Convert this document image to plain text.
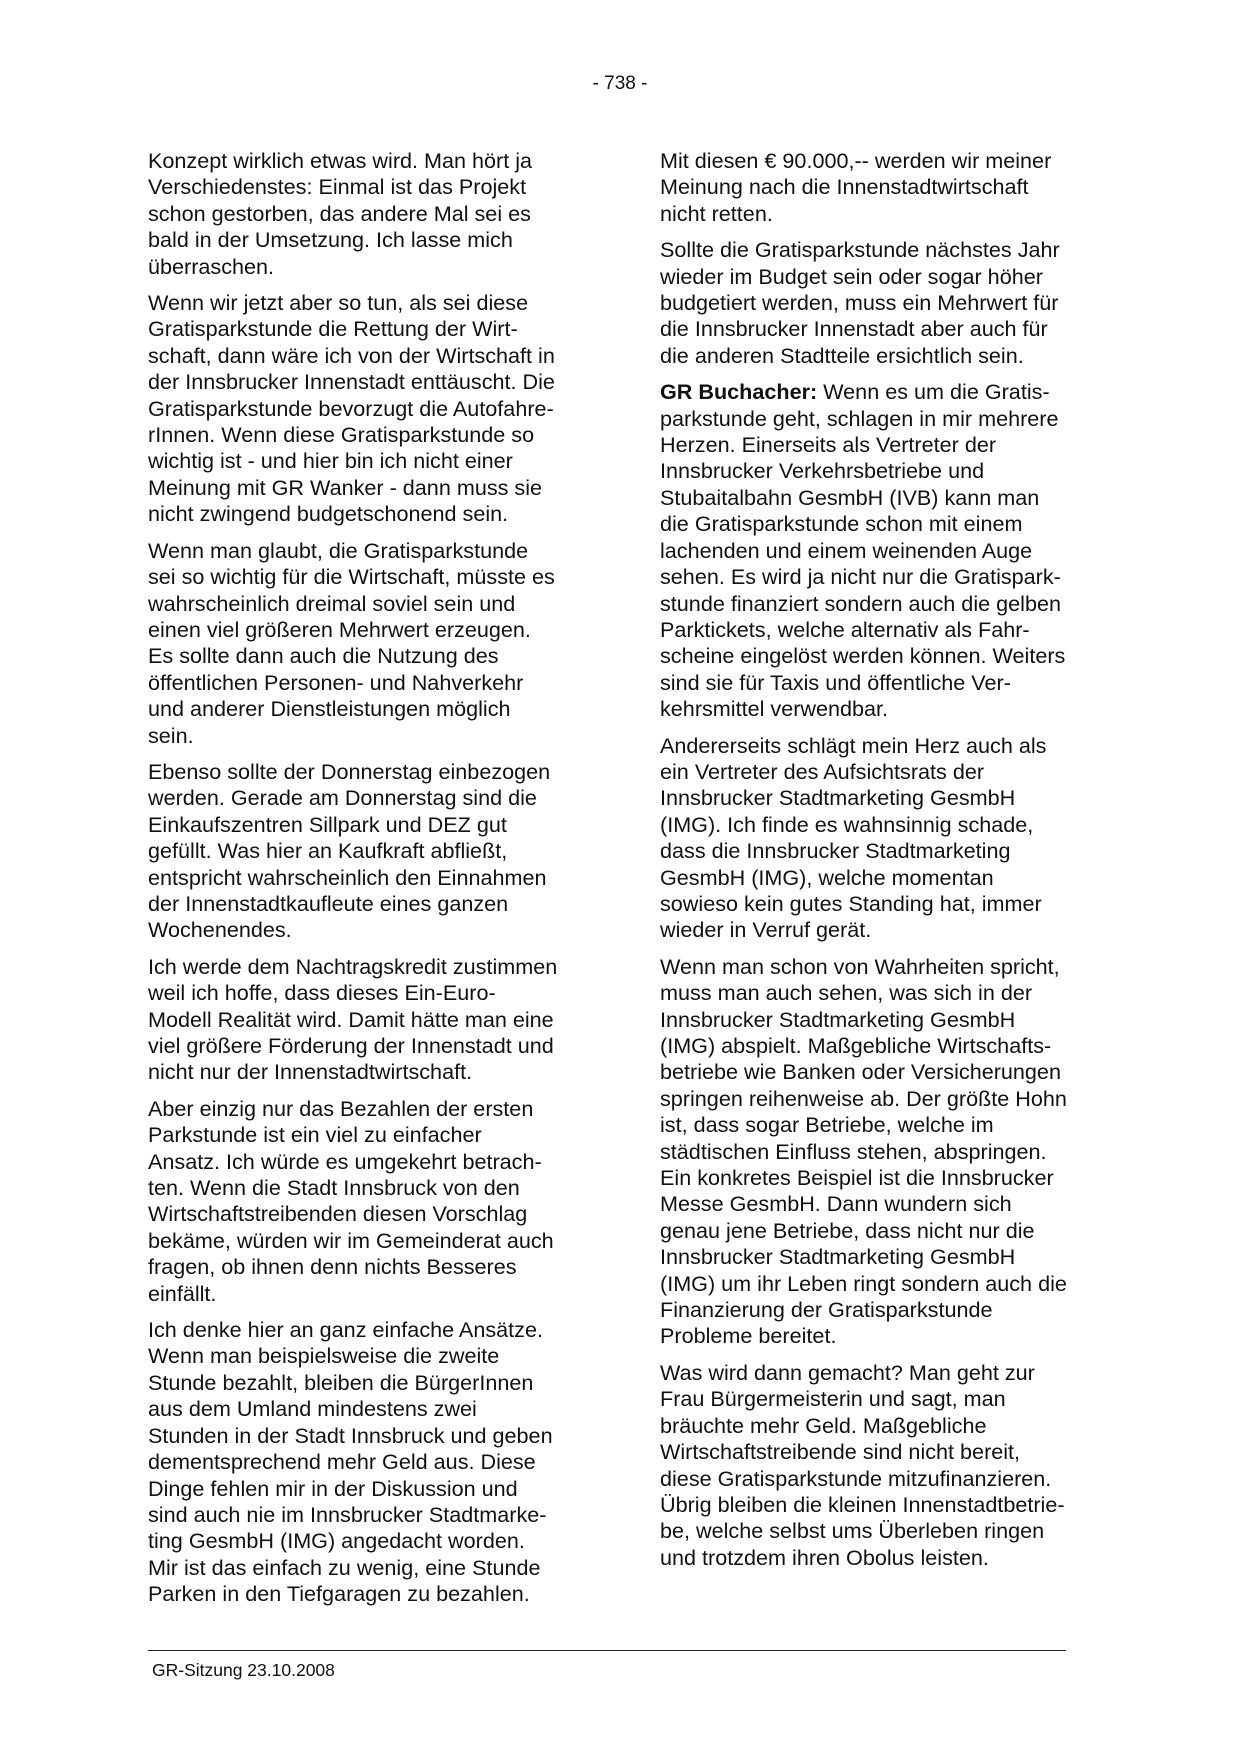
- 738 -

Konzept wirklich etwas wird. Man hört ja
Verschiedenstes: Einmal ist das Projekt
schon gestorben, das andere Mal sei es
bald in der Umsetzung. Ich lasse mich
überraschen.

Wenn wir jetzt aber so tun, als sei diese
Gratisparkstunde die Rettung der Wirt-
schaft, dann wäre ich von der Wirtschaft in
der Innsbrucker Innenstadt enttäuscht. Die
Gratisparkstunde bevorzugt die Autofahre-
rInnen. Wenn diese Gratisparkstunde so
wichtig ist - und hier bin ich nicht einer
Meinung mit GR Wanker - dann muss sie
nicht zwingend budgetschonend sein.

Wenn man glaubt, die Gratisparkstunde
sei so wichtig für die Wirtschaft, müsste es
wahrscheinlich dreimal soviel sein und
einen viel größeren Mehrwert erzeugen.
Es sollte dann auch die Nutzung des
öffentlichen Personen- und Nahverkehr
und anderer Dienstleistungen möglich
sein.

Ebenso sollte der Donnerstag einbezogen
werden. Gerade am Donnerstag sind die
Einkaufszentren Sillpark und DEZ gut
gefüllt. Was hier an Kaufkraft abfließt,
entspricht wahrscheinlich den Einnahmen
der Innenstadtkaufleute eines ganzen
Wochenendes.

Ich werde dem Nachtragskredit zustimmen
weil ich hoffe, dass dieses Ein-Euro-
Modell Realität wird. Damit hätte man eine
viel größere Förderung der Innenstadt und
nicht nur der Innenstadtwirtschaft.

Aber einzig nur das Bezahlen der ersten
Parkstunde ist ein viel zu einfacher
Ansatz. Ich würde es umgekehrt betrach-
ten. Wenn die Stadt Innsbruck von den
Wirtschaftstreibenden diesen Vorschlag
bekäme, würden wir im Gemeinderat auch
fragen, ob ihnen denn nichts Besseres
einfällt.

Ich denke hier an ganz einfache Ansätze.
Wenn man beispielsweise die zweite
Stunde bezahlt, bleiben die BürgerInnen
aus dem Umland mindestens zwei
Stunden in der Stadt Innsbruck und geben
dementsprechend mehr Geld aus. Diese
Dinge fehlen mir in der Diskussion und
sind auch nie im Innsbrucker Stadtmarke-
ting GesmbH (IMG) angedacht worden.
Mir ist das einfach zu wenig, eine Stunde
Parken in den Tiefgaragen zu bezahlen.

Mit diesen € 90.000,-- werden wir meiner
Meinung nach die Innenstadtwirtschaft
nicht retten.

Sollte die Gratisparkstunde nächstes Jahr
wieder im Budget sein oder sogar höher
budgetiert werden, muss ein Mehrwert für
die Innsbrucker Innenstadt aber auch für
die anderen Stadtteile ersichtlich sein.

GR Buchacher: Wenn es um die Gratis-
parkstunde geht, schlagen in mir mehrere
Herzen. Einerseits als Vertreter der
Innsbrucker Verkehrsbetriebe und
Stubaitalbahn GesmbH (IVB) kann man
die Gratisparkstunde schon mit einem
lachenden und einem weinenden Auge
sehen. Es wird ja nicht nur die Gratispark-
stunde finanziert sondern auch die gelben
Parktickets, welche alternativ als Fahr-
scheine eingelöst werden können. Weiters
sind sie für Taxis und öffentliche Ver-
kehrsmittel verwendbar.

Andererseits schlägt mein Herz auch als
ein Vertreter des Aufsichtsrats der
Innsbrucker Stadtmarketing GesmbH
(IMG). Ich finde es wahnsinnig schade,
dass die Innsbrucker Stadtmarketing
GesmbH (IMG), welche momentan
sowieso kein gutes Standing hat, immer
wieder in Verruf gerät.

Wenn man schon von Wahrheiten spricht,
muss man auch sehen, was sich in der
Innsbrucker Stadtmarketing GesmbH
(IMG) abspielt. Maßgebliche Wirtschafts-
betriebe wie Banken oder Versicherungen
springen reihenweise ab. Der größte Hohn
ist, dass sogar Betriebe, welche im
städtischen Einfluss stehen, abspringen.
Ein konkretes Beispiel ist die Innsbrucker
Messe GesmbH. Dann wundern sich
genau jene Betriebe, dass nicht nur die
Innsbrucker Stadtmarketing GesmbH
(IMG) um ihr Leben ringt sondern auch die
Finanzierung der Gratisparkstunde
Probleme bereitet.

Was wird dann gemacht? Man geht zur
Frau Bürgermeisterin und sagt, man
bräuchte mehr Geld. Maßgebliche
Wirtschaftstreibende sind nicht bereit,
diese Gratisparkstunde mitzufinanzieren.
Übrig bleiben die kleinen Innenstadtbetrie-
be, welche selbst ums Überleben ringen
und trotzdem ihren Obolus leisten.

GR-Sitzung 23.10.2008
